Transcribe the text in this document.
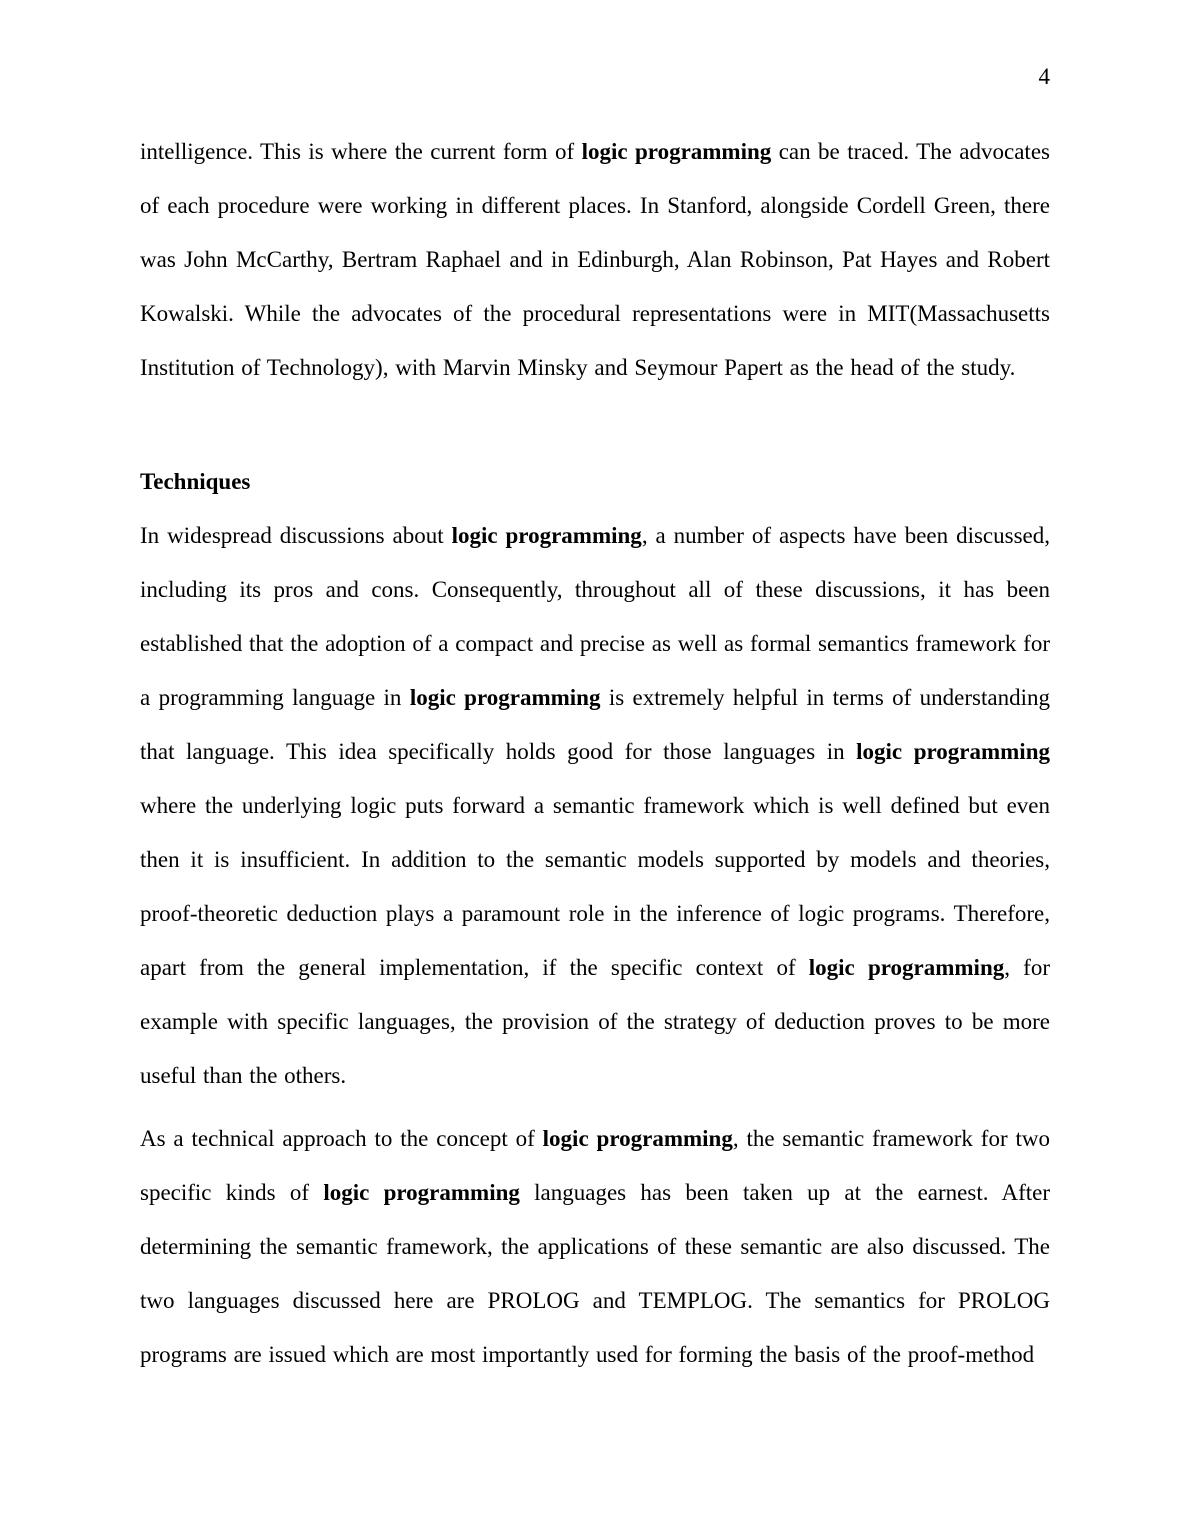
4

intelligence. This is where the current form of logic programming can be traced. The advocates of each procedure were working in different places. In Stanford, alongside Cordell Green, there was John McCarthy, Bertram Raphael and in Edinburgh, Alan Robinson, Pat Hayes and Robert Kowalski. While the advocates of the procedural representations were in MIT(Massachusetts Institution of Technology), with Marvin Minsky and Seymour Papert as the head of the study.

Techniques

In widespread discussions about logic programming, a number of aspects have been discussed, including its pros and cons. Consequently, throughout all of these discussions, it has been established that the adoption of a compact and precise as well as formal semantics framework for a programming language in logic programming is extremely helpful in terms of understanding that language. This idea specifically holds good for those languages in logic programming where the underlying logic puts forward a semantic framework which is well defined but even then it is insufficient. In addition to the semantic models supported by models and theories, proof-theoretic deduction plays a paramount role in the inference of logic programs. Therefore, apart from the general implementation, if the specific context of logic programming, for example with specific languages, the provision of the strategy of deduction proves to be more useful than the others.

As a technical approach to the concept of logic programming, the semantic framework for two specific kinds of logic programming languages has been taken up at the earnest. After determining the semantic framework, the applications of these semantic are also discussed. The two languages discussed here are PROLOG and TEMPLOG. The semantics for PROLOG programs are issued which are most importantly used for forming the basis of the proof-method
